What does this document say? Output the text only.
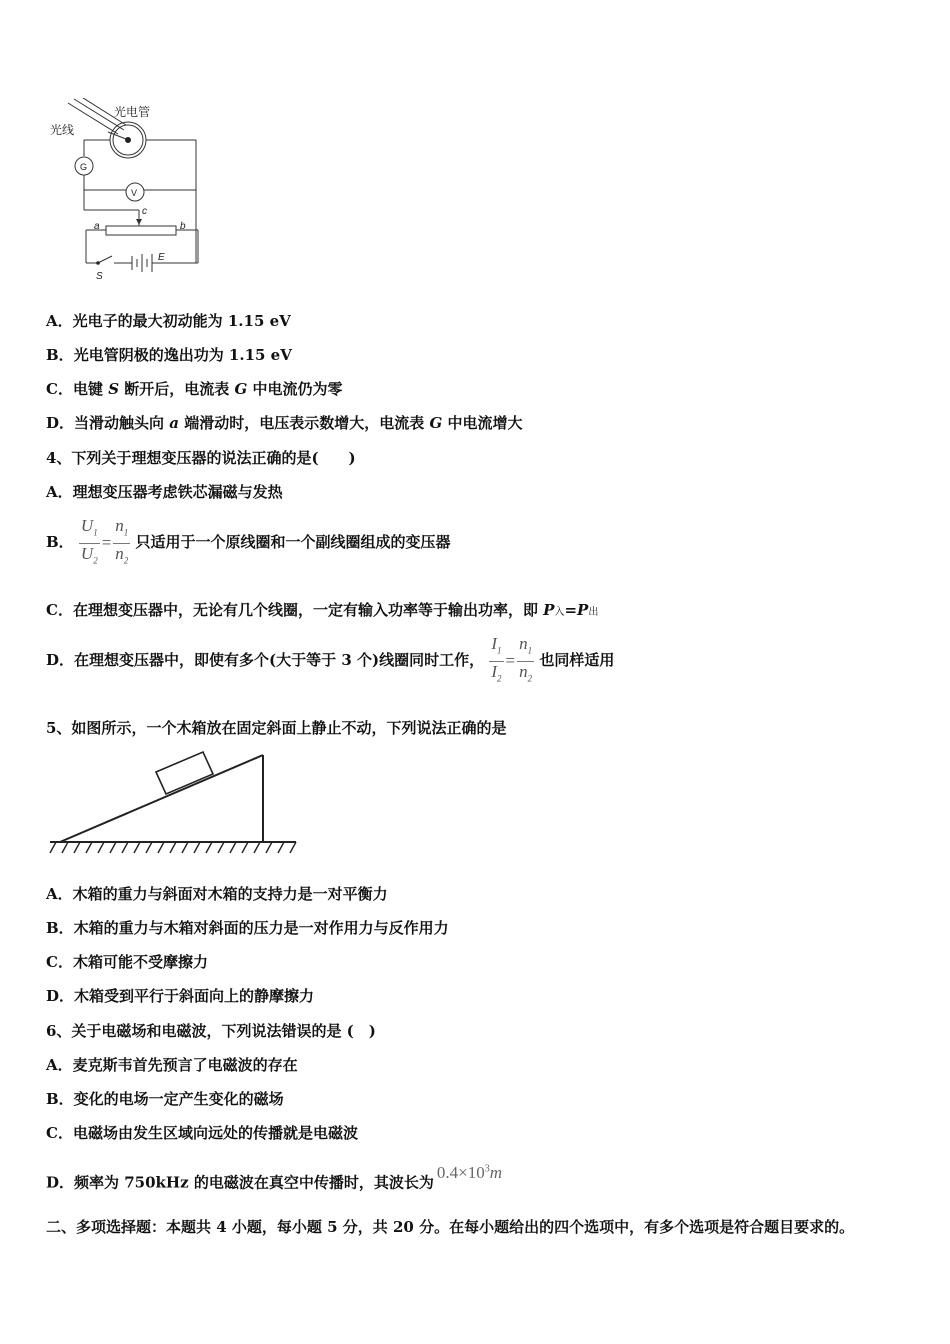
光线
光电管
G
V
c
a	b
E
S
A．光电子的最大初动能为 1.15 eV
B．光电管阴极的逸出功为 1.15 eV
C．电键 S 断开后，电流表 G 中电流仍为零
D．当滑动触头向 a 端滑动时，电压表示数增大，电流表 G 中电流增大
4、下列关于理想变压器的说法正确的是(　　)
A．理想变压器考虑铁芯漏磁与发热
B． $\frac{U_1}{U_2} = \frac{n_1}{n_2}$ 只适用于一个原线圈和一个副线圈组成的变压器
C．在理想变压器中，无论有几个线圈，一定有输入功率等于输出功率，即 P入=P出
D．在理想变压器中，即使有多个(大于等于 3 个)线圈同时工作， $\frac{I_1}{I_2} = \frac{n_1}{n_2}$ 也同样适用
5、如图所示，一个木箱放在固定斜面上静止不动，下列说法正确的是
A．木箱的重力与斜面对木箱的支持力是一对平衡力
B．木箱的重力与木箱对斜面的压力是一对作用力与反作用力
C．木箱可能不受摩擦力
D．木箱受到平行于斜面向上的静摩擦力
6、关于电磁场和电磁波，下列说法错误的是 (　)
A．麦克斯韦首先预言了电磁波的存在
B．变化的电场一定产生变化的磁场
C．电磁场由发生区域向远处的传播就是电磁波
D．频率为 750kHz 的电磁波在真空中传播时，其波长为$0.4\times 10^3m$
二、多项选择题：本题共 4 小题，每小题 5 分，共 20 分。在每小题给出的四个选项中，有多个选项是符合题目要求的。
